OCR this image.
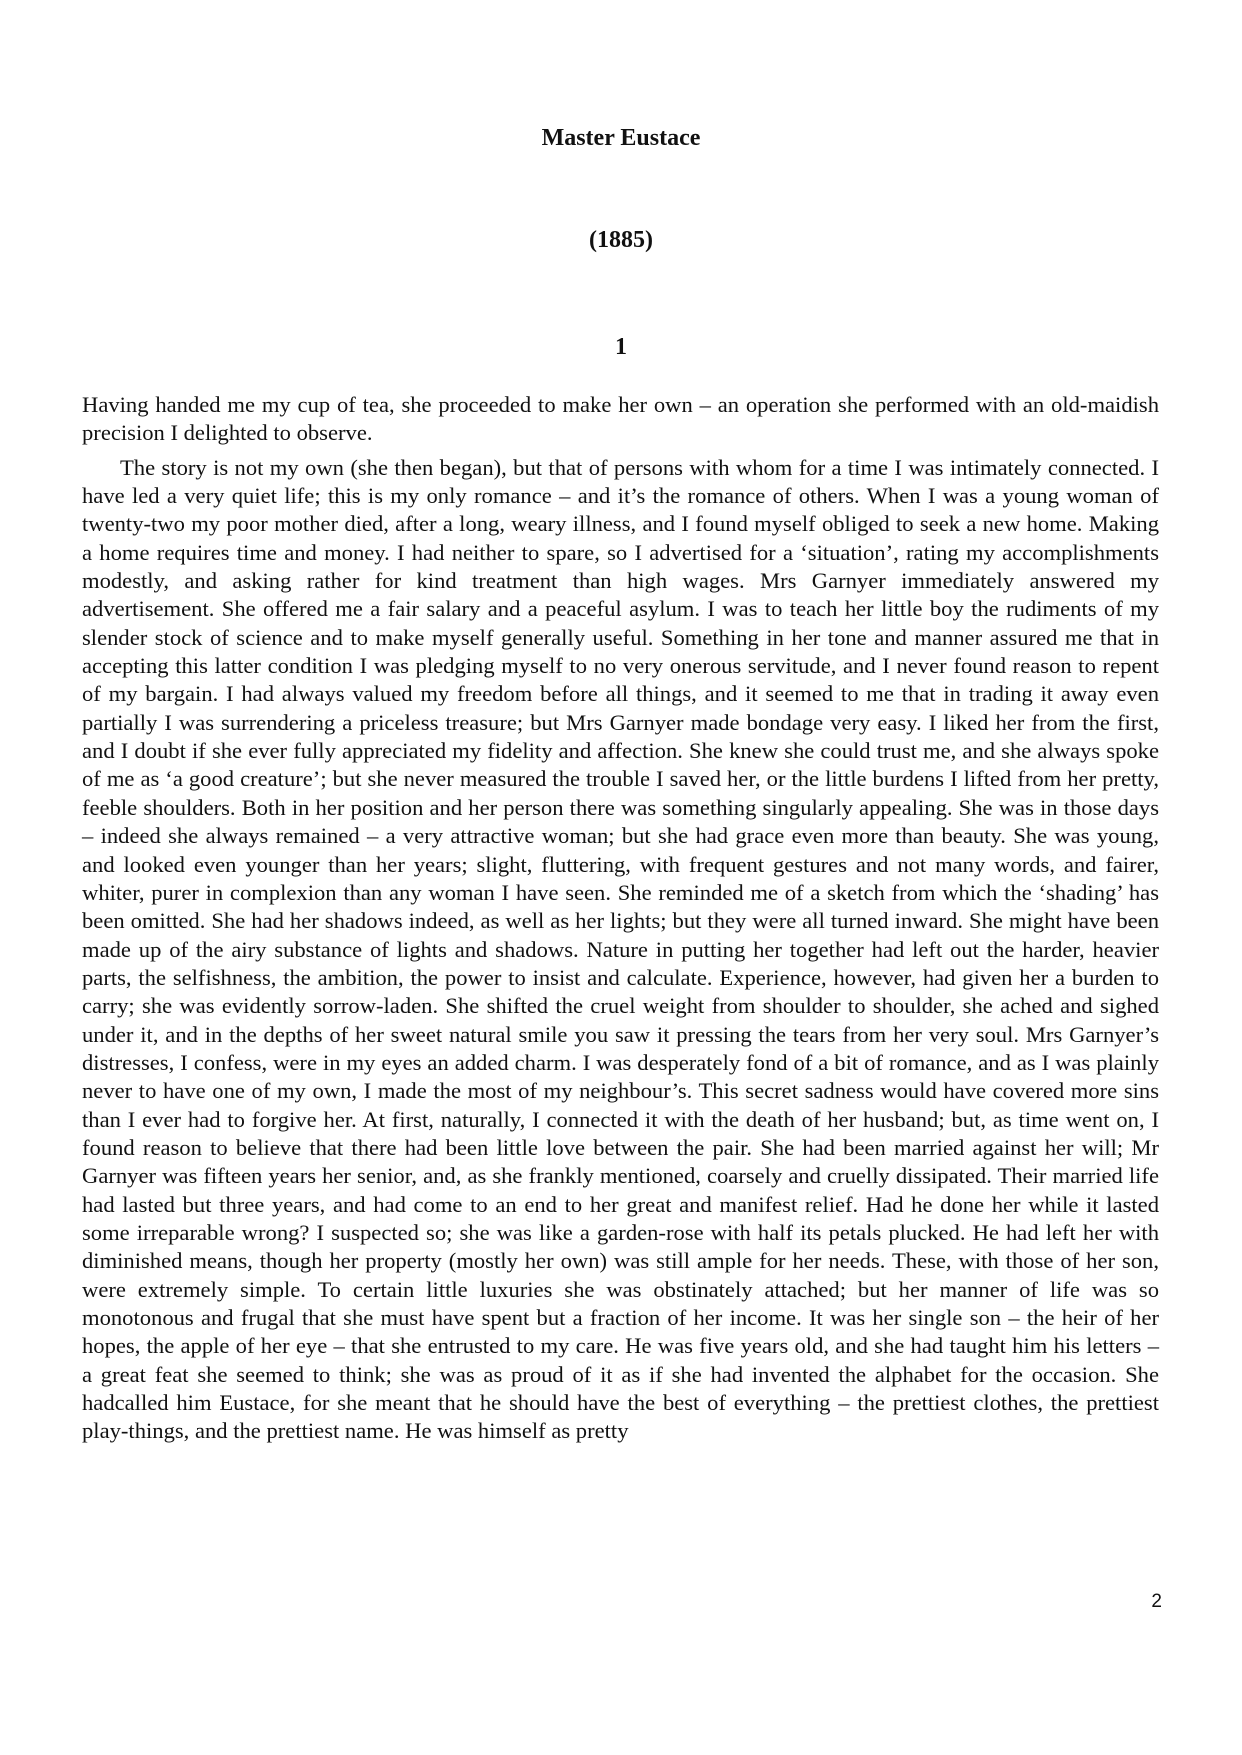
Master Eustace
(1885)
1

Having handed me my cup of tea, she proceeded to make her own – an operation she performed with an old-maidish precision I delighted to observe.

The story is not my own (she then began), but that of persons with whom for a time I was intimately connected. I have led a very quiet life; this is my only romance – and it’s the romance of others. When I was a young woman of twenty-two my poor mother died, after a long, weary illness, and I found myself obliged to seek a new home. Making a home requires time and money. I had neither to spare, so I advertised for a ‘situation’, rating my accomplishments modestly, and asking rather for kind treatment than high wages. Mrs Garnyer immediately answered my advertisement. She offered me a fair salary and a peaceful asylum. I was to teach her little boy the rudiments of my slender stock of science and to make myself generally useful. Something in her tone and manner assured me that in accepting this latter condition I was pledging myself to no very onerous servitude, and I never found reason to repent of my bargain. I had always valued my freedom before all things, and it seemed to me that in trading it away even partially I was surrendering a priceless treasure; but Mrs Garnyer made bondage very easy. I liked her from the first, and I doubt if she ever fully appreciated my fidelity and affection. She knew she could trust me, and she always spoke of me as ‘a good creature’; but she never measured the trouble I saved her, or the little burdens I lifted from her pretty, feeble shoulders. Both in her position and her person there was something singularly appealing. She was in those days – indeed she always remained – a very attractive woman; but she had grace even more than beauty. She was young, and looked even younger than her years; slight, fluttering, with frequent gestures and not many words, and fairer, whiter, purer in complexion than any woman I have seen. She reminded me of a sketch from which the ‘shading’ has been omitted. She had her shadows indeed, as well as her lights; but they were all turned inward. She might have been made up of the airy substance of lights and shadows. Nature in putting her together had left out the harder, heavier parts, the selfishness, the ambition, the power to insist and calculate. Experience, however, had given her a burden to carry; she was evidently sorrow-laden. She shifted the cruel weight from shoulder to shoulder, she ached and sighed under it, and in the depths of her sweet natural smile you saw it pressing the tears from her very soul. Mrs Garnyer’s distresses, I confess, were in my eyes an added charm. I was desperately fond of a bit of romance, and as I was plainly never to have one of my own, I made the most of my neighbour’s. This secret sadness would have covered more sins than I ever had to forgive her. At first, naturally, I connected it with the death of her husband; but, as time went on, I found reason to believe that there had been little love between the pair. She had been married against her will; Mr Garnyer was fifteen years her senior, and, as she frankly mentioned, coarsely and cruelly dissipated. Their married life had lasted but three years, and had come to an end to her great and manifest relief. Had he done her while it lasted some irreparable wrong? I suspected so; she was like a garden-rose with half its petals plucked. He had left her with diminished means, though her property (mostly her own) was still ample for her needs. These, with those of her son, were extremely simple. To certain little luxuries she was obstinately attached; but her manner of life was so monotonous and frugal that she must have spent but a fraction of her income. It was her single son – the heir of her hopes, the apple of her eye – that she entrusted to my care. He was five years old, and she had taught him his letters – a great feat she seemed to think; she was as proud of it as if she had invented the alphabet for the occasion. She hadcalled him Eustace, for she meant that he should have the best of everything – the prettiest clothes, the prettiest play-things, and the prettiest name. He was himself as pretty

2
